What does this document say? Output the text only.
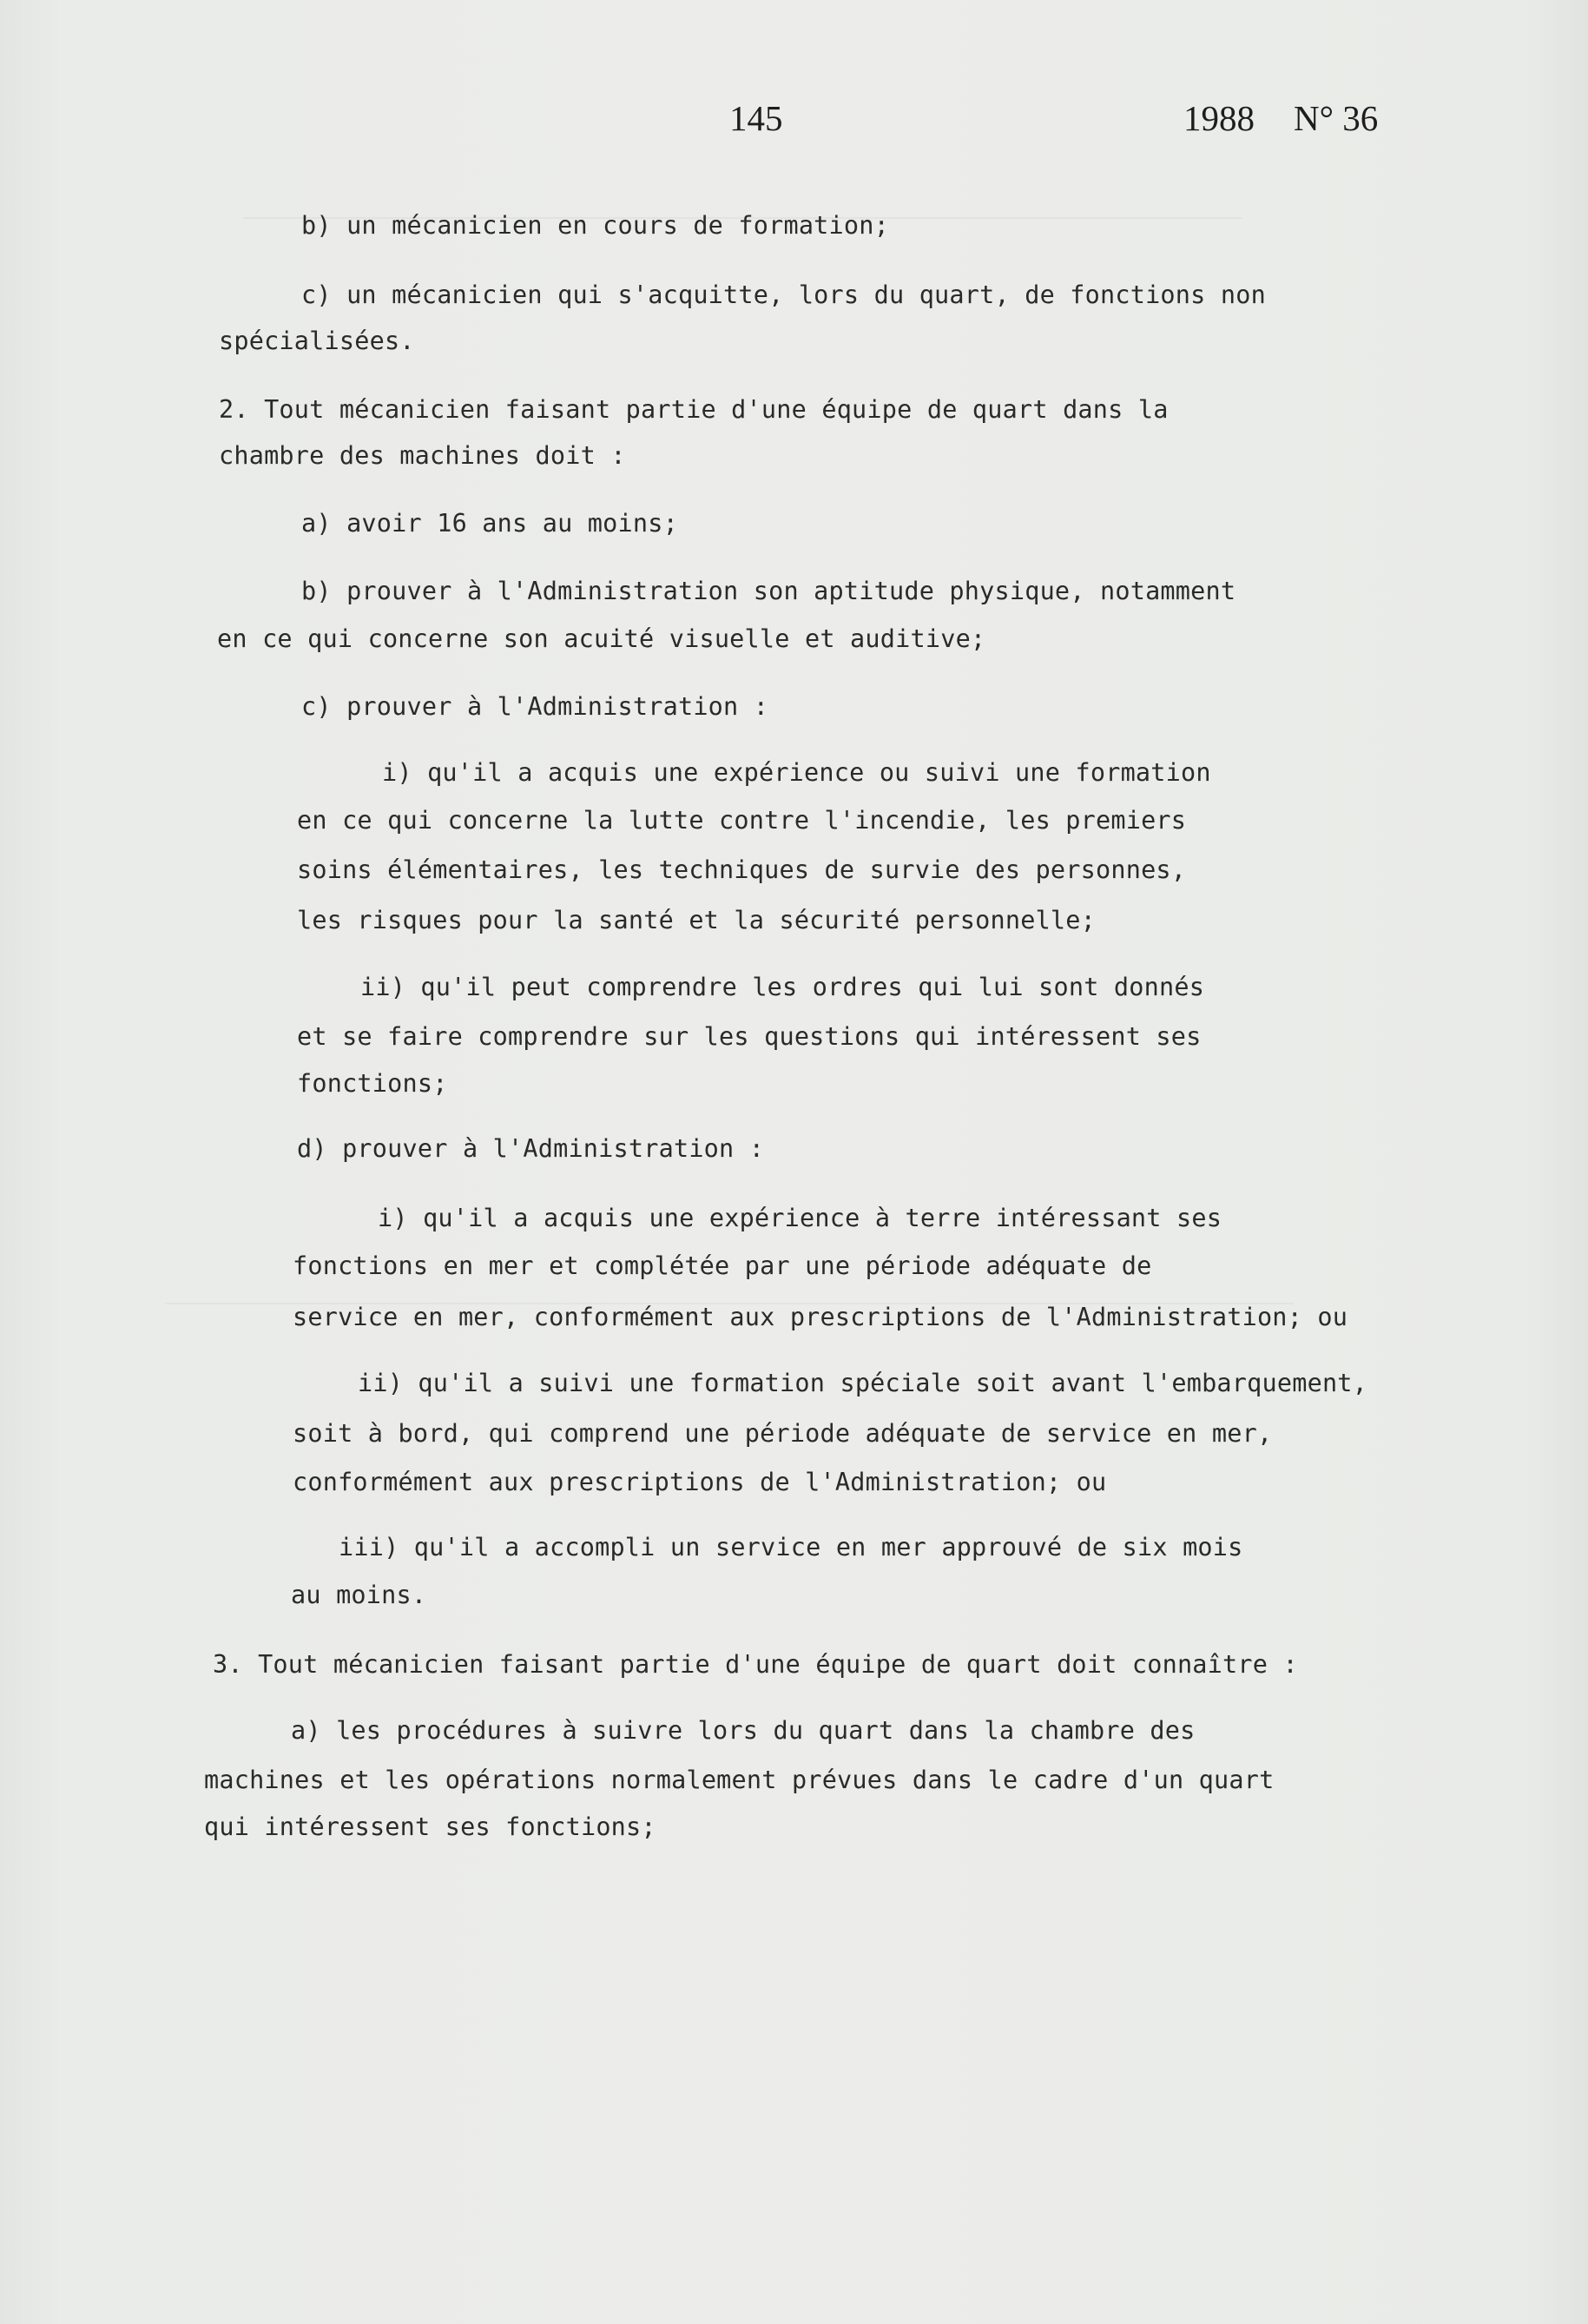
145	1988 N° 36
b) un mécanicien en cours de formation;
c) un mécanicien qui s'acquitte, lors du quart, de fonctions non
spécialisées.
2. Tout mécanicien faisant partie d'une équipe de quart dans la
chambre des machines doit :
a) avoir 16 ans au moins;
b) prouver à l'Administration son aptitude physique, notamment
en ce qui concerne son acuité visuelle et auditive;
c) prouver à l'Administration :
i) qu'il a acquis une expérience ou suivi une formation
en ce qui concerne la lutte contre l'incendie, les premiers
soins élémentaires, les techniques de survie des personnes,
les risques pour la santé et la sécurité personnelle;
ii) qu'il peut comprendre les ordres qui lui sont donnés
et se faire comprendre sur les questions qui intéressent ses
fonctions;
d) prouver à l'Administration :
i) qu'il a acquis une expérience à terre intéressant ses
fonctions en mer et complétée par une période adéquate de
service en mer, conformément aux prescriptions de l'Administration; ou
ii) qu'il a suivi une formation spéciale soit avant l'embarquement,
soit à bord, qui comprend une période adéquate de service en mer,
conformément aux prescriptions de l'Administration; ou
iii) qu'il a accompli un service en mer approuvé de six mois
au moins.
3. Tout mécanicien faisant partie d'une équipe de quart doit connaître :
a) les procédures à suivre lors du quart dans la chambre des
machines et les opérations normalement prévues dans le cadre d'un quart
qui intéressent ses fonctions;
